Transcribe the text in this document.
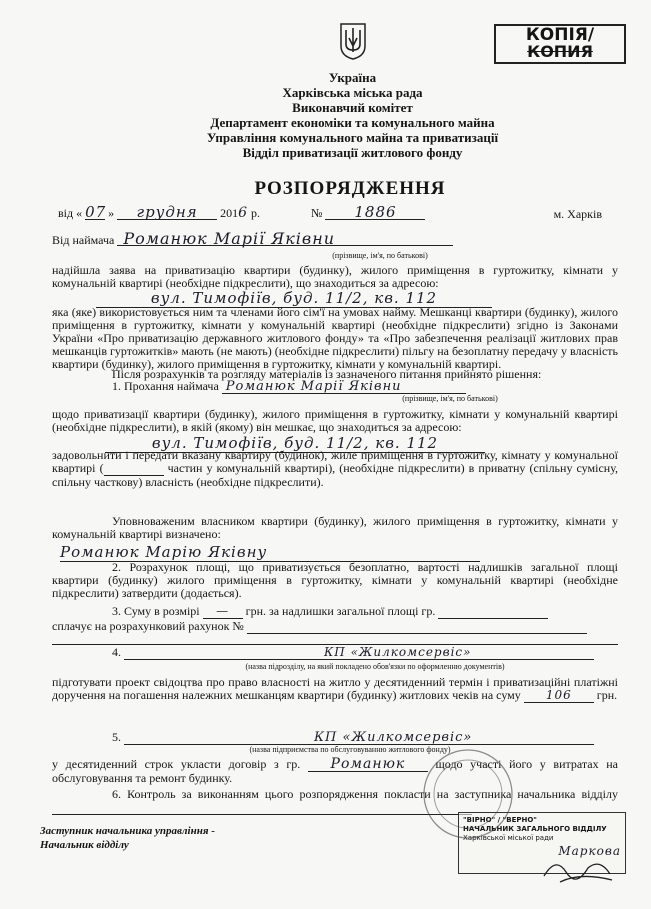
КОПІЯ/
КОПИЯ
Україна
Харківська міська рада
Виконавчий комітет
Департамент економіки та комунального майна
Управління комунального майна та приватизації
Відділ приватизації житлового фонду
РОЗПОРЯДЖЕННЯ
від « 07 » грудня 2016 р.	№ 1886	м. Харків
Від наймача Романюк Марії Яківни
(прізвище, ім'я, по батькові)
надійшла заява на приватизацію квартири (будинку), жилого приміщення в гуртожитку, кімнати у комунальній квартирі (необхідне підкреслити), що знаходиться за адресою:
вул. Тимофіїв, буд. 11/2, кв. 112
яка (яке) використовується ним та членами його сім'ї на умовах найму. Мешканці квартири (будинку), жилого приміщення в гуртожитку, кімнати у комунальній квартирі (необхідне підкреслити) згідно із Законами України «Про приватизацію державного житлового фонду» та «Про забезпечення реалізації житлових прав мешканців гуртожитків» мають (не мають) (необхідне підкреслити) пільгу на безоплатну передачу у власність квартири (будинку), жилого приміщення в гуртожитку, кімнати у комунальній квартирі.
Після розрахунків та розгляду матеріалів із зазначеного питання прийнято рішення:
1. Прохання наймача Романюк Марії Яківни
(прізвище, ім'я, по батькові)
щодо приватизації квартири (будинку), жилого приміщення в гуртожитку, кімнати у комунальній квартирі (необхідне підкреслити), в якій (якому) він мешкає, що знаходиться за адресою:
вул. Тимофіїв, буд. 11/2, кв. 112
задовольнити і передати вказану квартиру (будинок), жиле приміщення в гуртожитку, кімнату у комунальної квартирі (	частин у комунальній квартирі), (необхідне підкреслити) в приватну (спільну сумісну, спільну часткову) власність (необхідне підкреслити).
Уповноваженим власником квартири (будинку), жилого приміщення в гуртожитку, кімнати у комунальній квартирі визначено:
Романюк Марію Яківну
2. Розрахунок площі, що приватизується безоплатно, вартості надлишків загальної площі квартири (будинку) жилого приміщення в гуртожитку, кімнати у комунальній квартирі (необхідне підкреслити) затвердити (додається).
3. Суму в розмірі — грн. за надлишки загальної площі гр.
сплачує на розрахунковий рахунок №
4.	КП «Жилкомсервіс»
(назва підрозділу, на який покладено обов'язки по оформленню документів)
підготувати проект свідоцтва про право власності на житло у десятиденний термін і приватизаційні платіжні доручення на погашення належних мешканцям квартири (будинку) житлових чеків на суму 106 грн.
5.	КП «Жилкомсервіс»
(назва підприємства по обслуговуванню житлового фонду)
у десятиденний строк укласти договір з гр. Романюк	щодо участі його у витратах на обслуговування та ремонт будинку.
6. Контроль за виконанням цього розпорядження покласти на заступника начальника відділу
Заступник начальника управління -
Начальник відділу
"ВІРНО" / "ВЕРНО"
НАЧАЛЬНИК ЗАГАЛЬНОГО ВІДДІЛУ
Харківської міської ради
Маркова
